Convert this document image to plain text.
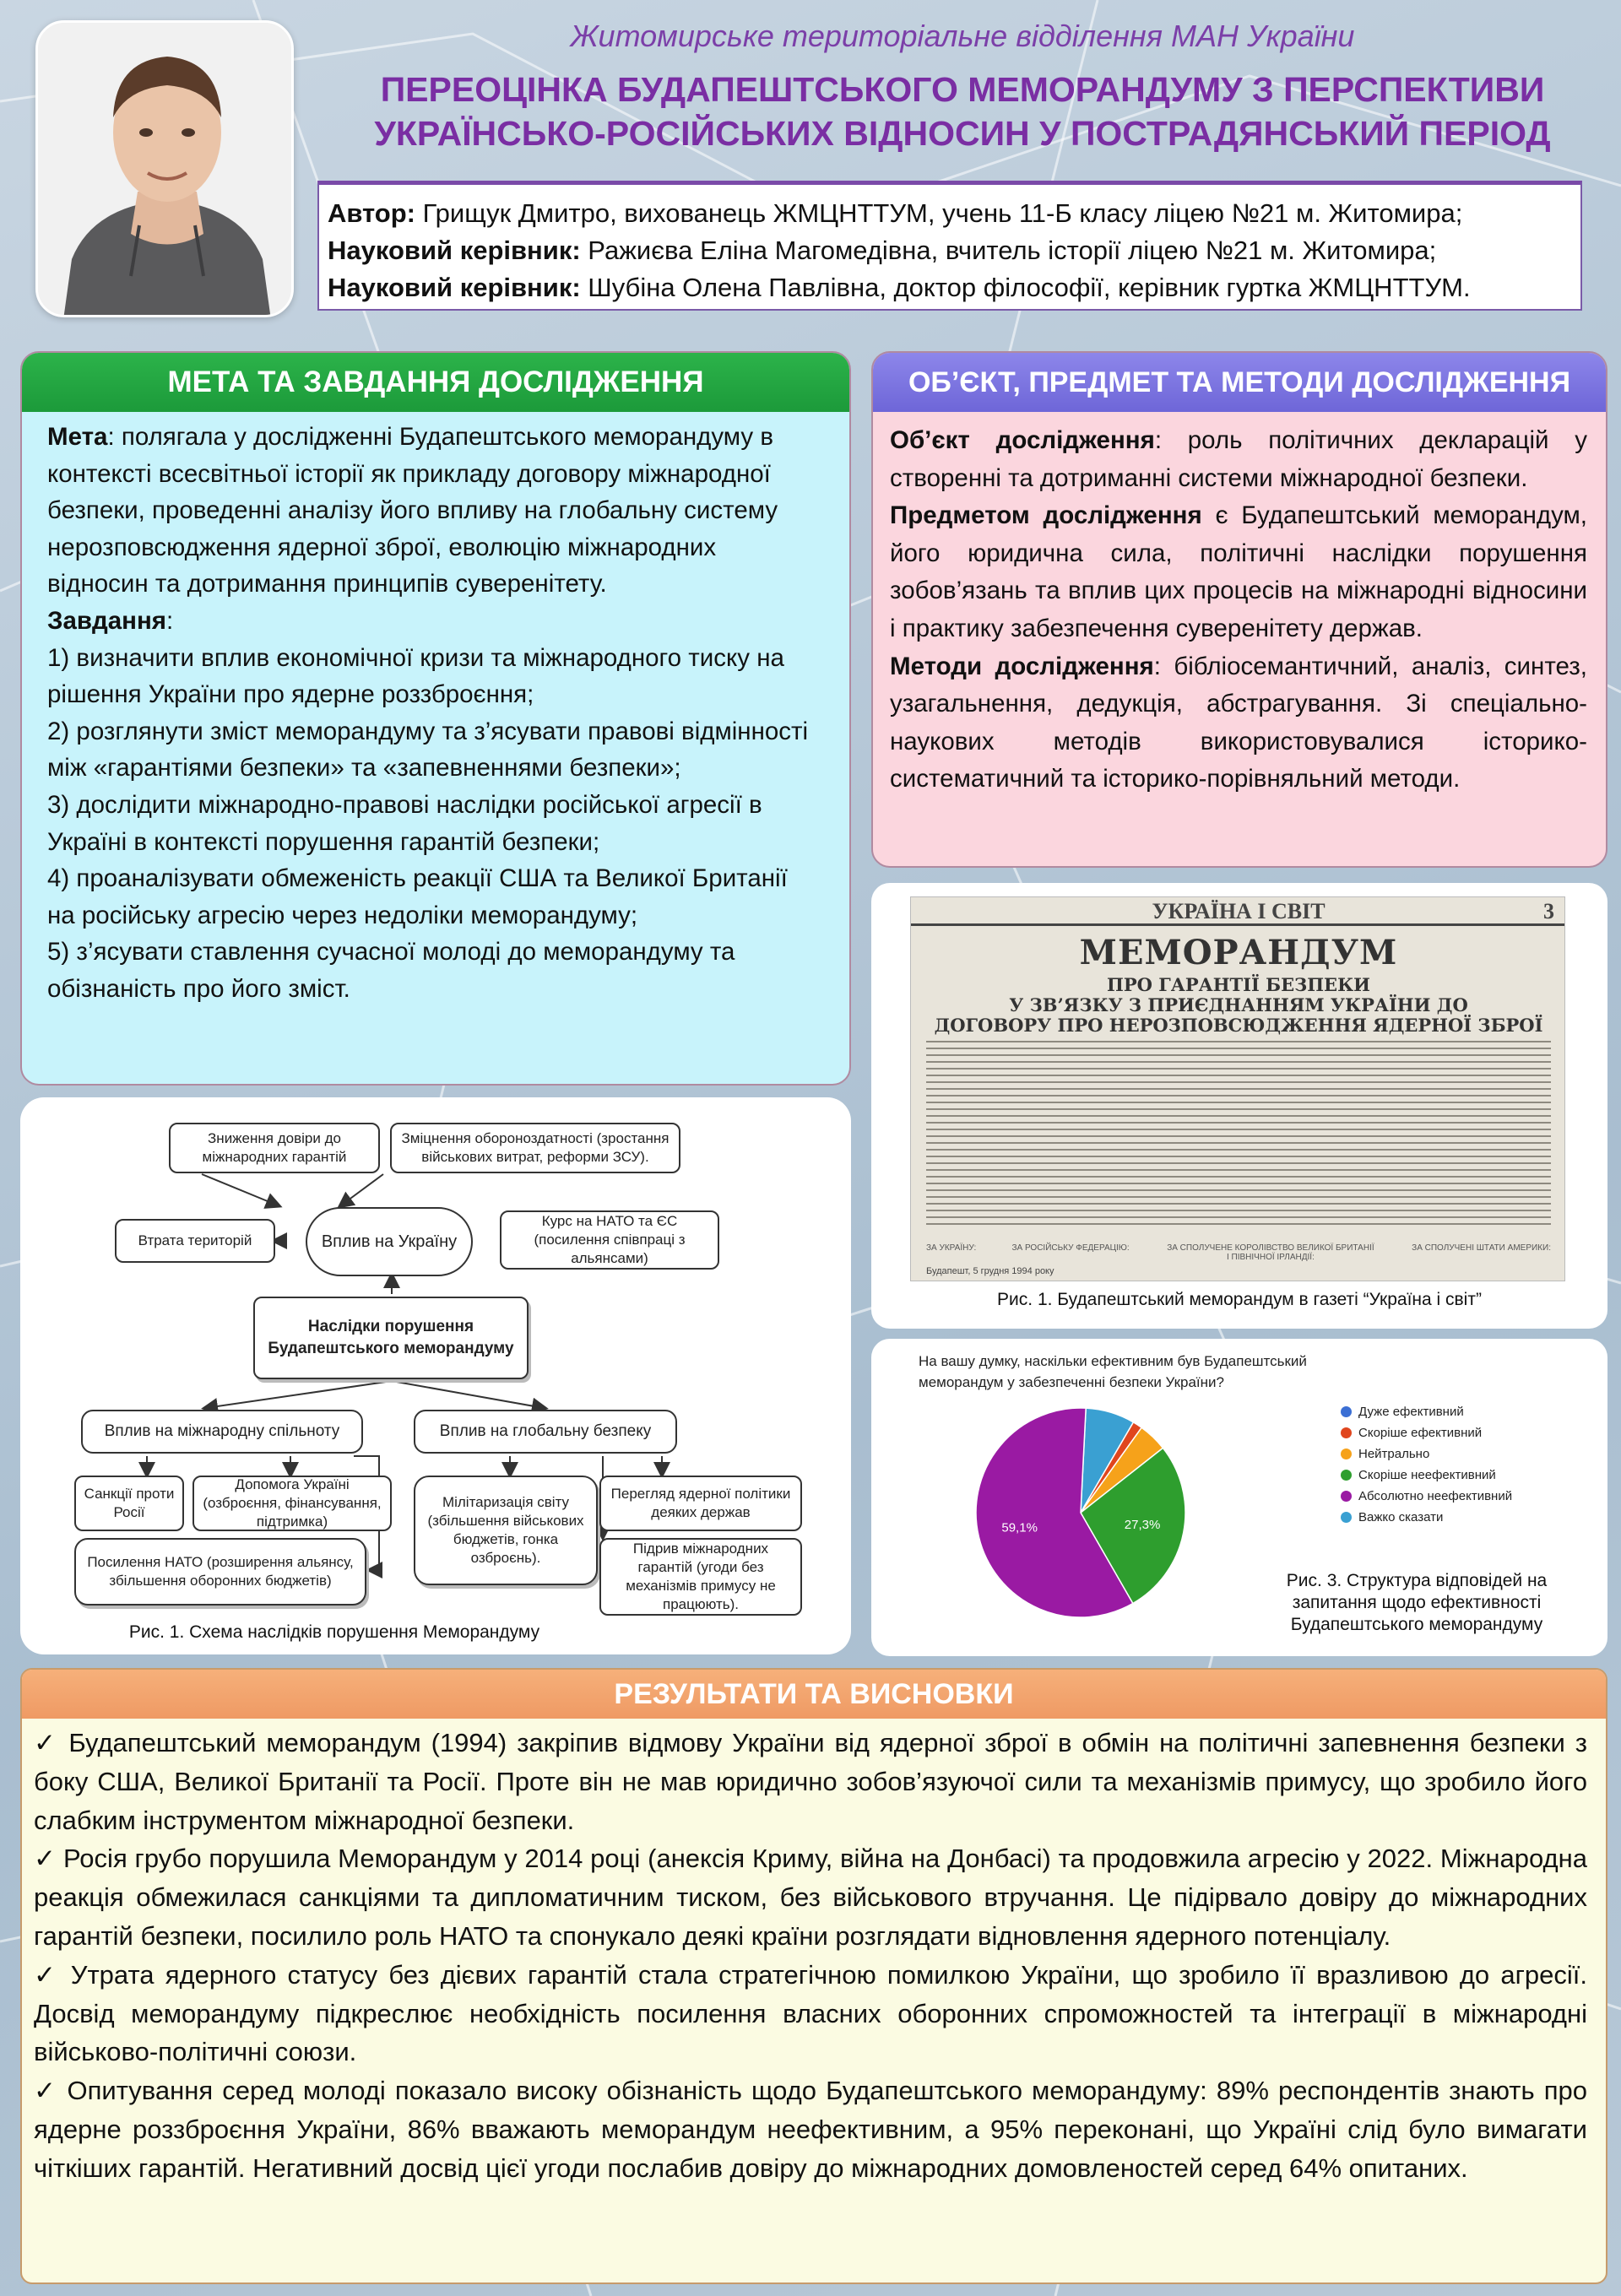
Житомирське територіальне відділення МАН України
ПЕРЕОЦІНКА БУДАПЕШТСЬКОГО МЕМОРАНДУМУ З ПЕРСПЕКТИВИ
УКРАЇНСЬКО-РОСІЙСЬКИХ ВІДНОСИН У ПОСТРАДЯНСЬКИЙ ПЕРІОД
Автор: Грищук Дмитро, вихованець ЖМЦНТТУМ, учень 11-Б класу ліцею №21 м. Житомира;
Науковий керівник: Ражиєва Еліна Магомедівна, вчитель історії ліцею №21 м. Житомира;
Науковий керівник: Шубіна Олена Павлівна, доктор філософії, керівник гуртка ЖМЦНТТУМ.
МЕТА ТА ЗАВДАННЯ ДОСЛІДЖЕННЯ
Мета: полягала у дослідженні Будапештського меморандуму в контексті всесвітньої історії як прикладу договору міжнародної безпеки, проведенні аналізу його впливу на глобальну систему нерозповсюдження ядерної зброї, еволюцію міжнародних відносин та дотримання принципів суверенітету.
Завдання:
1) визначити вплив економічної кризи та міжнародного тиску на рішення України про ядерне роззброєння;
2) розглянути зміст меморандуму та з’ясувати правові відмінності між «гарантіями безпеки» та «запевненнями безпеки»;
3) дослідити міжнародно-правові наслідки російської агресії в Україні в контексті порушення гарантій безпеки;
4) проаналізувати обмеженість реакції США та Великої Британії на російську агресію через недоліки меморандуму;
5) з’ясувати ставлення сучасної молоді до меморандуму та обізнаність про його зміст.
ОБ’ЄКТ, ПРЕДМЕТ ТА МЕТОДИ ДОСЛІДЖЕННЯ
Об’єкт дослідження: роль політичних декларацій у створенні та дотриманні системи міжнародної безпеки.
Предметом дослідження є Будапештський меморандум, його юридична сила, політичні наслідки порушення зобов’язань та вплив цих процесів на міжнародні відносини і практику забезпечення суверенітету держав.
Методи дослідження: бібліосемантичний, аналіз, синтез, узагальнення, дедукція, абстрагування. Зі спеціально-наукових методів використовувалися історико-систематичний та історико-порівняльний методи.
Зниження довіри до міжнародних гарантій
Зміцнення обороноздатності (зростання військових витрат, реформи ЗСУ).
Втрата територій	Вплив на Україну
Курс на НАТО та ЄС (посилення співпраці з альянсами)
Наслідки порушення Будапештського меморандуму
Вплив на міжнародну спільноту	Вплив на глобальну безпеку
Санкції проти Росії
Допомога Україні (озброєння, фінансування, підтримка)
Мілітаризація світу (збільшення військових бюджетів, гонка озброєнь).
Перегляд ядерної політики деяких держав
Посилення НАТО (розширення альянсу, збільшення оборонних бюджетів)
Підрив міжнародних гарантій (угоди без механізмів примусу не працюють).
Рис. 1. Схема наслідків порушення Меморандуму
УКРАЇНА І СВІТ	3
МЕМОРАНДУМ
ПРО ГАРАНТІЇ БЕЗПЕКИ
У ЗВ’ЯЗКУ З ПРИЄДНАННЯМ УКРАЇНИ ДО
ДОГОВОРУ ПРО НЕРОЗПОВСЮДЖЕННЯ ЯДЕРНОЇ ЗБРОЇ
ЗА УКРАЇНУ:	ЗА РОСІЙСЬКУ ФЕДЕРАЦІЮ:	ЗА СПОЛУЧЕНЕ КОРОЛІВСТВО ВЕЛИКОЇ БРИТАНІЇ І ПІВНІЧНОЇ ІРЛАНДІЇ:
ЗА СПОЛУЧЕНІ ШТАТИ АМЕРИКИ:
Будапешт, 5 грудня 1994 року
Рис. 1. Будапештський меморандум в газеті “Україна і світ”
На вашу думку, наскільки ефективним був Будапештський меморандум у забезпеченні безпеки України?
27,3%
59,1%
Дуже ефективний
Скоріше ефективний
Нейтрально
Скоріше неефективний
Абсолютно неефективний
Важко сказати
Рис. 3. Структура відповідей на
запитання щодо ефективності
Будапештського меморандуму
РЕЗУЛЬТАТИ ТА ВИСНОВКИ

✓ Будапештський меморандум (1994) закріпив відмову України від ядерної зброї в обмін на політичні запевнення безпеки з боку США, Великої Британії та Росії. Проте він не мав юридично зобов’язуючої сили та механізмів примусу, що зробило його слабким інструментом міжнародної безпеки.

✓ Росія грубо порушила Меморандум у 2014 році (анексія Криму, війна на Донбасі) та продовжила агресію у 2022. Міжнародна реакція обмежилася санкціями та дипломатичним тиском, без військового втручання. Це підірвало довіру до міжнародних гарантій безпеки, посилило роль НАТО та спонукало деякі країни розглядати відновлення ядерного потенціалу.

✓ Утрата ядерного статусу без дієвих гарантій стала стратегічною помилкою України, що зробило її вразливою до агресії. Досвід меморандуму підкреслює необхідність посилення власних оборонних спроможностей та інтеграції в міжнародні військово-політичні союзи.

✓ Опитування серед молоді показало високу обізнаність щодо Будапештського меморандуму: 89% респондентів знають про ядерне роззброєння України, 86% вважають меморандум неефективним, а 95% переконані, що Україні слід було вимагати чіткіших гарантій. Негативний досвід цієї угоди послабив довіру до міжнародних домовленостей серед 64% опитаних.
